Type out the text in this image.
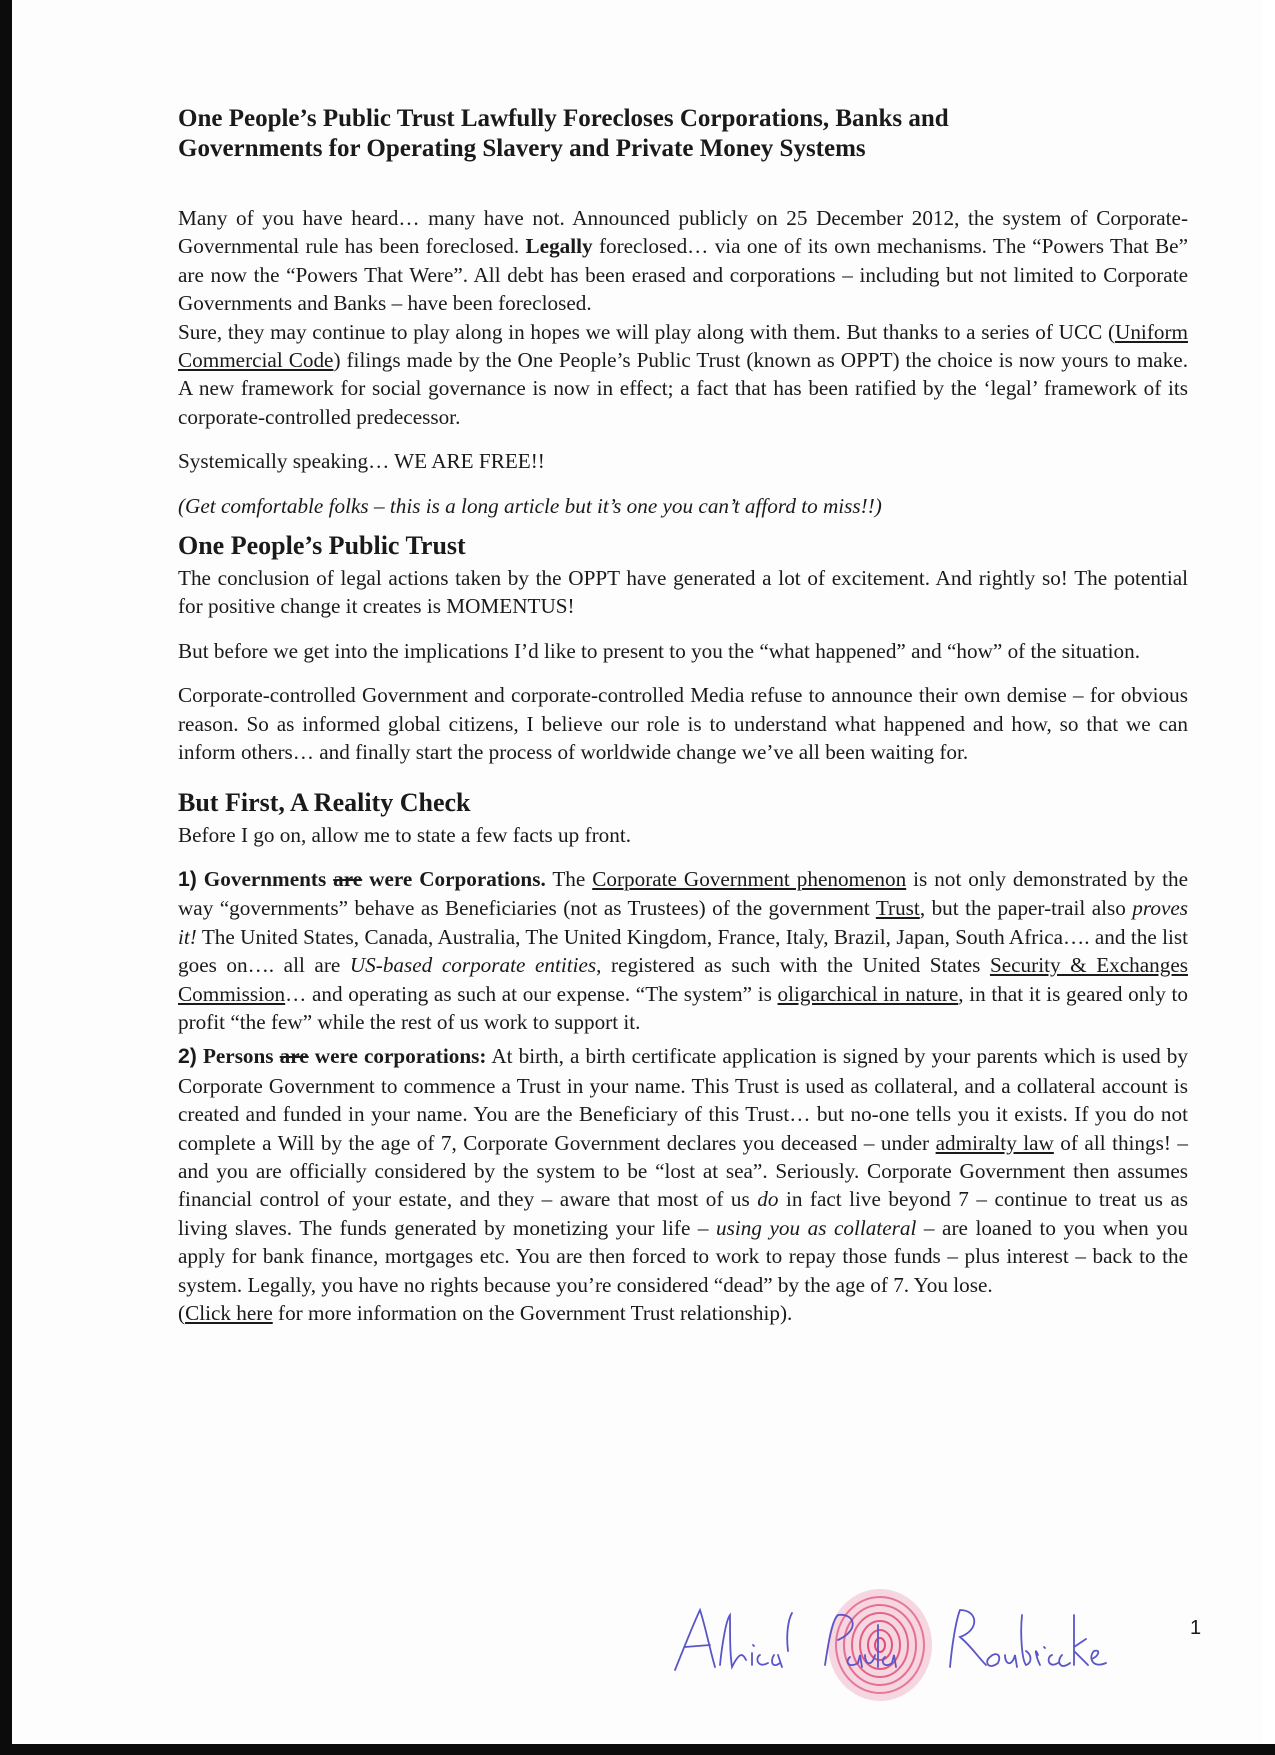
One People’s Public Trust Lawfully Forecloses Corporations, Banks and
Governments for Operating Slavery and Private Money Systems

Many of you have heard… many have not. Announced publicly on 25 December 2012, the system of Corporate-Governmental rule has been foreclosed. Legally foreclosed… via one of its own mechanisms. The “Powers That Be” are now the “Powers That Were”. All debt has been erased and corporations – including but not limited to Corporate Governments and Banks – have been foreclosed.

Sure, they may continue to play along in hopes we will play along with them. But thanks to a series of UCC (Uniform Commercial Code) filings made by the One People’s Public Trust (known as OPPT) the choice is now yours to make. A new framework for social governance is now in effect; a fact that has been ratified by the ‘legal’ framework of its corporate-controlled predecessor.

Systemically speaking… WE ARE FREE!!

(Get comfortable folks – this is a long article but it’s one you can’t afford to miss!!)

One People’s Public Trust

The conclusion of legal actions taken by the OPPT have generated a lot of excitement. And rightly so! The potential for positive change it creates is MOMENTUS!

But before we get into the implications I’d like to present to you the “what happened” and “how” of the situation.

Corporate-controlled Government and corporate-controlled Media refuse to announce their own demise – for obvious reason. So as informed global citizens, I believe our role is to understand what happened and how, so that we can inform others… and finally start the process of worldwide change we’ve all been waiting for.

But First, A Reality Check

Before I go on, allow me to state a few facts up front.

1) Governments are were Corporations. The Corporate Government phenomenon is not only demonstrated by the way “governments” behave as Beneficiaries (not as Trustees) of the government Trust, but the paper-trail also proves it! The United States, Canada, Australia, The United Kingdom, France, Italy, Brazil, Japan, South Africa…. and the list goes on…. all are US-based corporate entities, registered as such with the United States Security & Exchanges Commission… and operating as such at our expense. “The system” is oligarchical in nature, in that it is geared only to profit “the few” while the rest of us work to support it.

2) Persons are were corporations: At birth, a birth certificate application is signed by your parents which is used by Corporate Government to commence a Trust in your name. This Trust is used as collateral, and a collateral account is created and funded in your name. You are the Beneficiary of this Trust… but no-one tells you it exists. If you do not complete a Will by the age of 7, Corporate Government declares you deceased – under admiralty law of all things! – and you are officially considered by the system to be “lost at sea”. Seriously. Corporate Government then assumes financial control of your estate, and they – aware that most of us do in fact live beyond 7 – continue to treat us as living slaves. The funds generated by monetizing your life – using you as collateral – are loaned to you when you apply for bank finance, mortgages etc. You are then forced to work to repay those funds – plus interest – back to the system. Legally, you have no rights because you’re considered “dead” by the age of 7. You lose.

(Click here for more information on the Government Trust relationship).

1
